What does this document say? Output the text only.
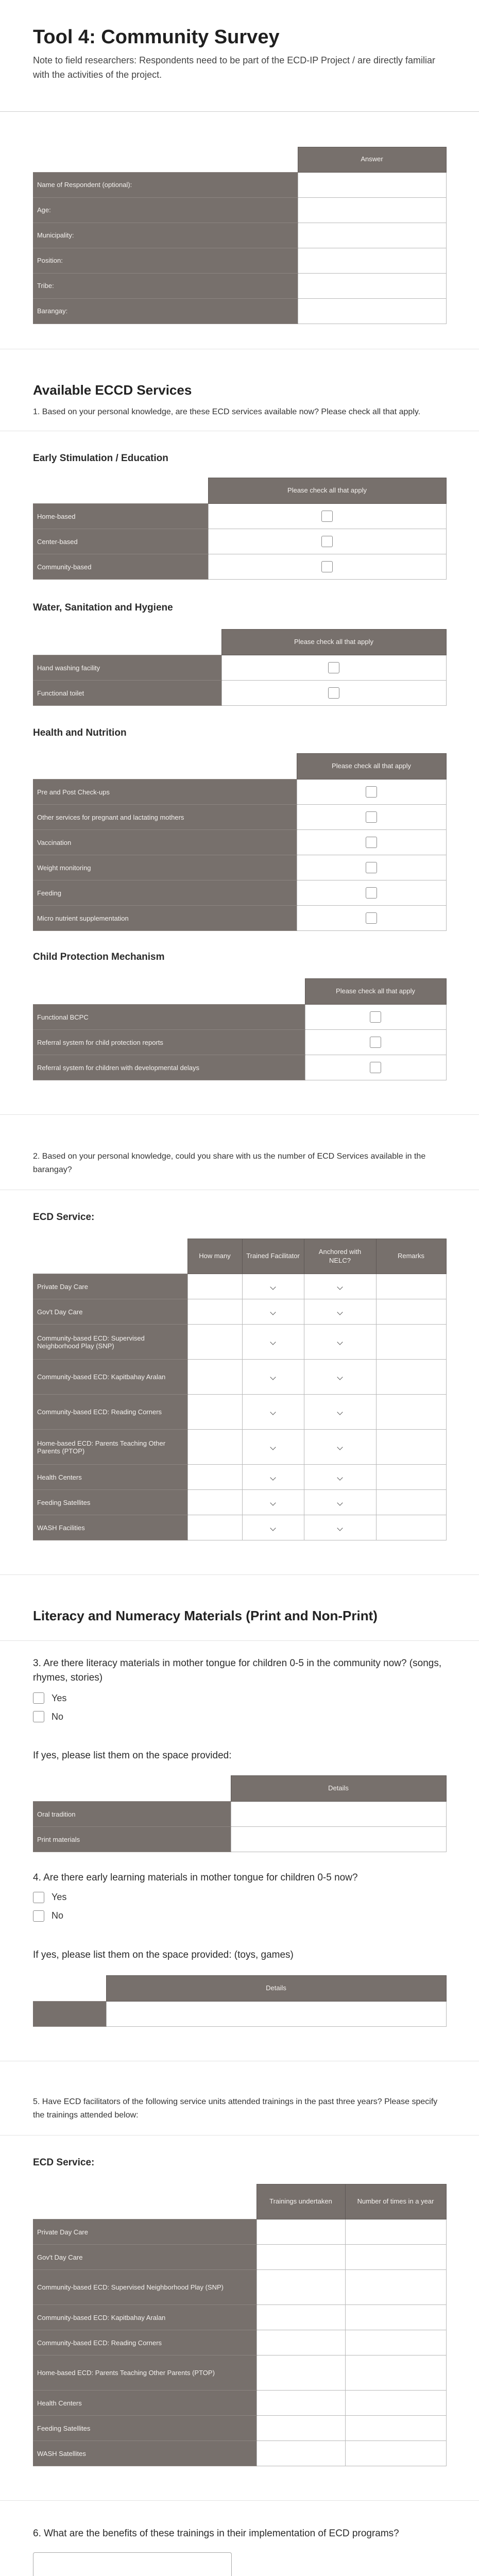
Tool 4: Community Survey

Note to field researchers: Respondents need to be part of the ECD-IP Project / are directly familiar with the activities of the project.

	Answer
Name of Respondent (optional):	
Age:	
Municipality:	
Position:	
Tribe:	
Barangay:	
Available ECCD Services

1. Based on your personal knowledge, are these ECD services available now? Please check all that apply.

Early Stimulation / Education
	Please check all that apply
Home-based	
Center-based	
Community-based	
Water, Sanitation and Hygiene
	Please check all that apply
Hand washing facility	
Functional toilet	
Health and Nutrition
	Please check all that apply
Pre and Post Check-ups	
Other services for pregnant and lactating mothers	
Vaccination	
Weight monitoring	
Feeding	
Micro nutrient supplementation	
Child Protection Mechanism
	Please check all that apply
Functional BCPC	
Referral system for child protection reports	
Referral system for children with developmental delays	

2. Based on your personal knowledge, could you share with us the number of ECD Services available in the barangay?

ECD Service:
	How many	Trained Facilitator	Anchored with NELC?	Remarks
Private Day Care				
Gov't Day Care				
Community-based ECD: Supervised Neighborhood Play (SNP)				
Community-based ECD: Kapitbahay Aralan				
Community-based ECD: Reading Corners				
Home-based ECD: Parents Teaching Other Parents (PTOP)				
Health Centers				
Feeding Satellites				
WASH Facilities				
Literacy and Numeracy Materials (Print and Non-Print)

3. Are there literacy materials in mother tongue for children 0-5 in the community now? (songs, rhymes, stories)

Yes
No

If yes, please list them on the space provided:

	Details
Oral tradition	
Print materials	

4. Are there early learning materials in mother tongue for children 0-5 now?

Yes
No

If yes, please list them on the space provided: (toys, games)

	Details

5. Have ECD facilitators of the following service units attended trainings in the past three years? Please specify the trainings attended below:

ECD Service:
	Trainings undertaken	Number of times in a year
Private Day Care		
Gov't Day Care		
Community-based ECD: Supervised Neighborhood Play (SNP)		
Community-based ECD: Kapitbahay Aralan		
Community-based ECD: Reading Corners		
Home-based ECD: Parents Teaching Other Parents (PTOP)		
Health Centers		
Feeding Satellites		
WASH Satellites		

6. What are the benefits of these trainings in their implementation of ECD programs?
